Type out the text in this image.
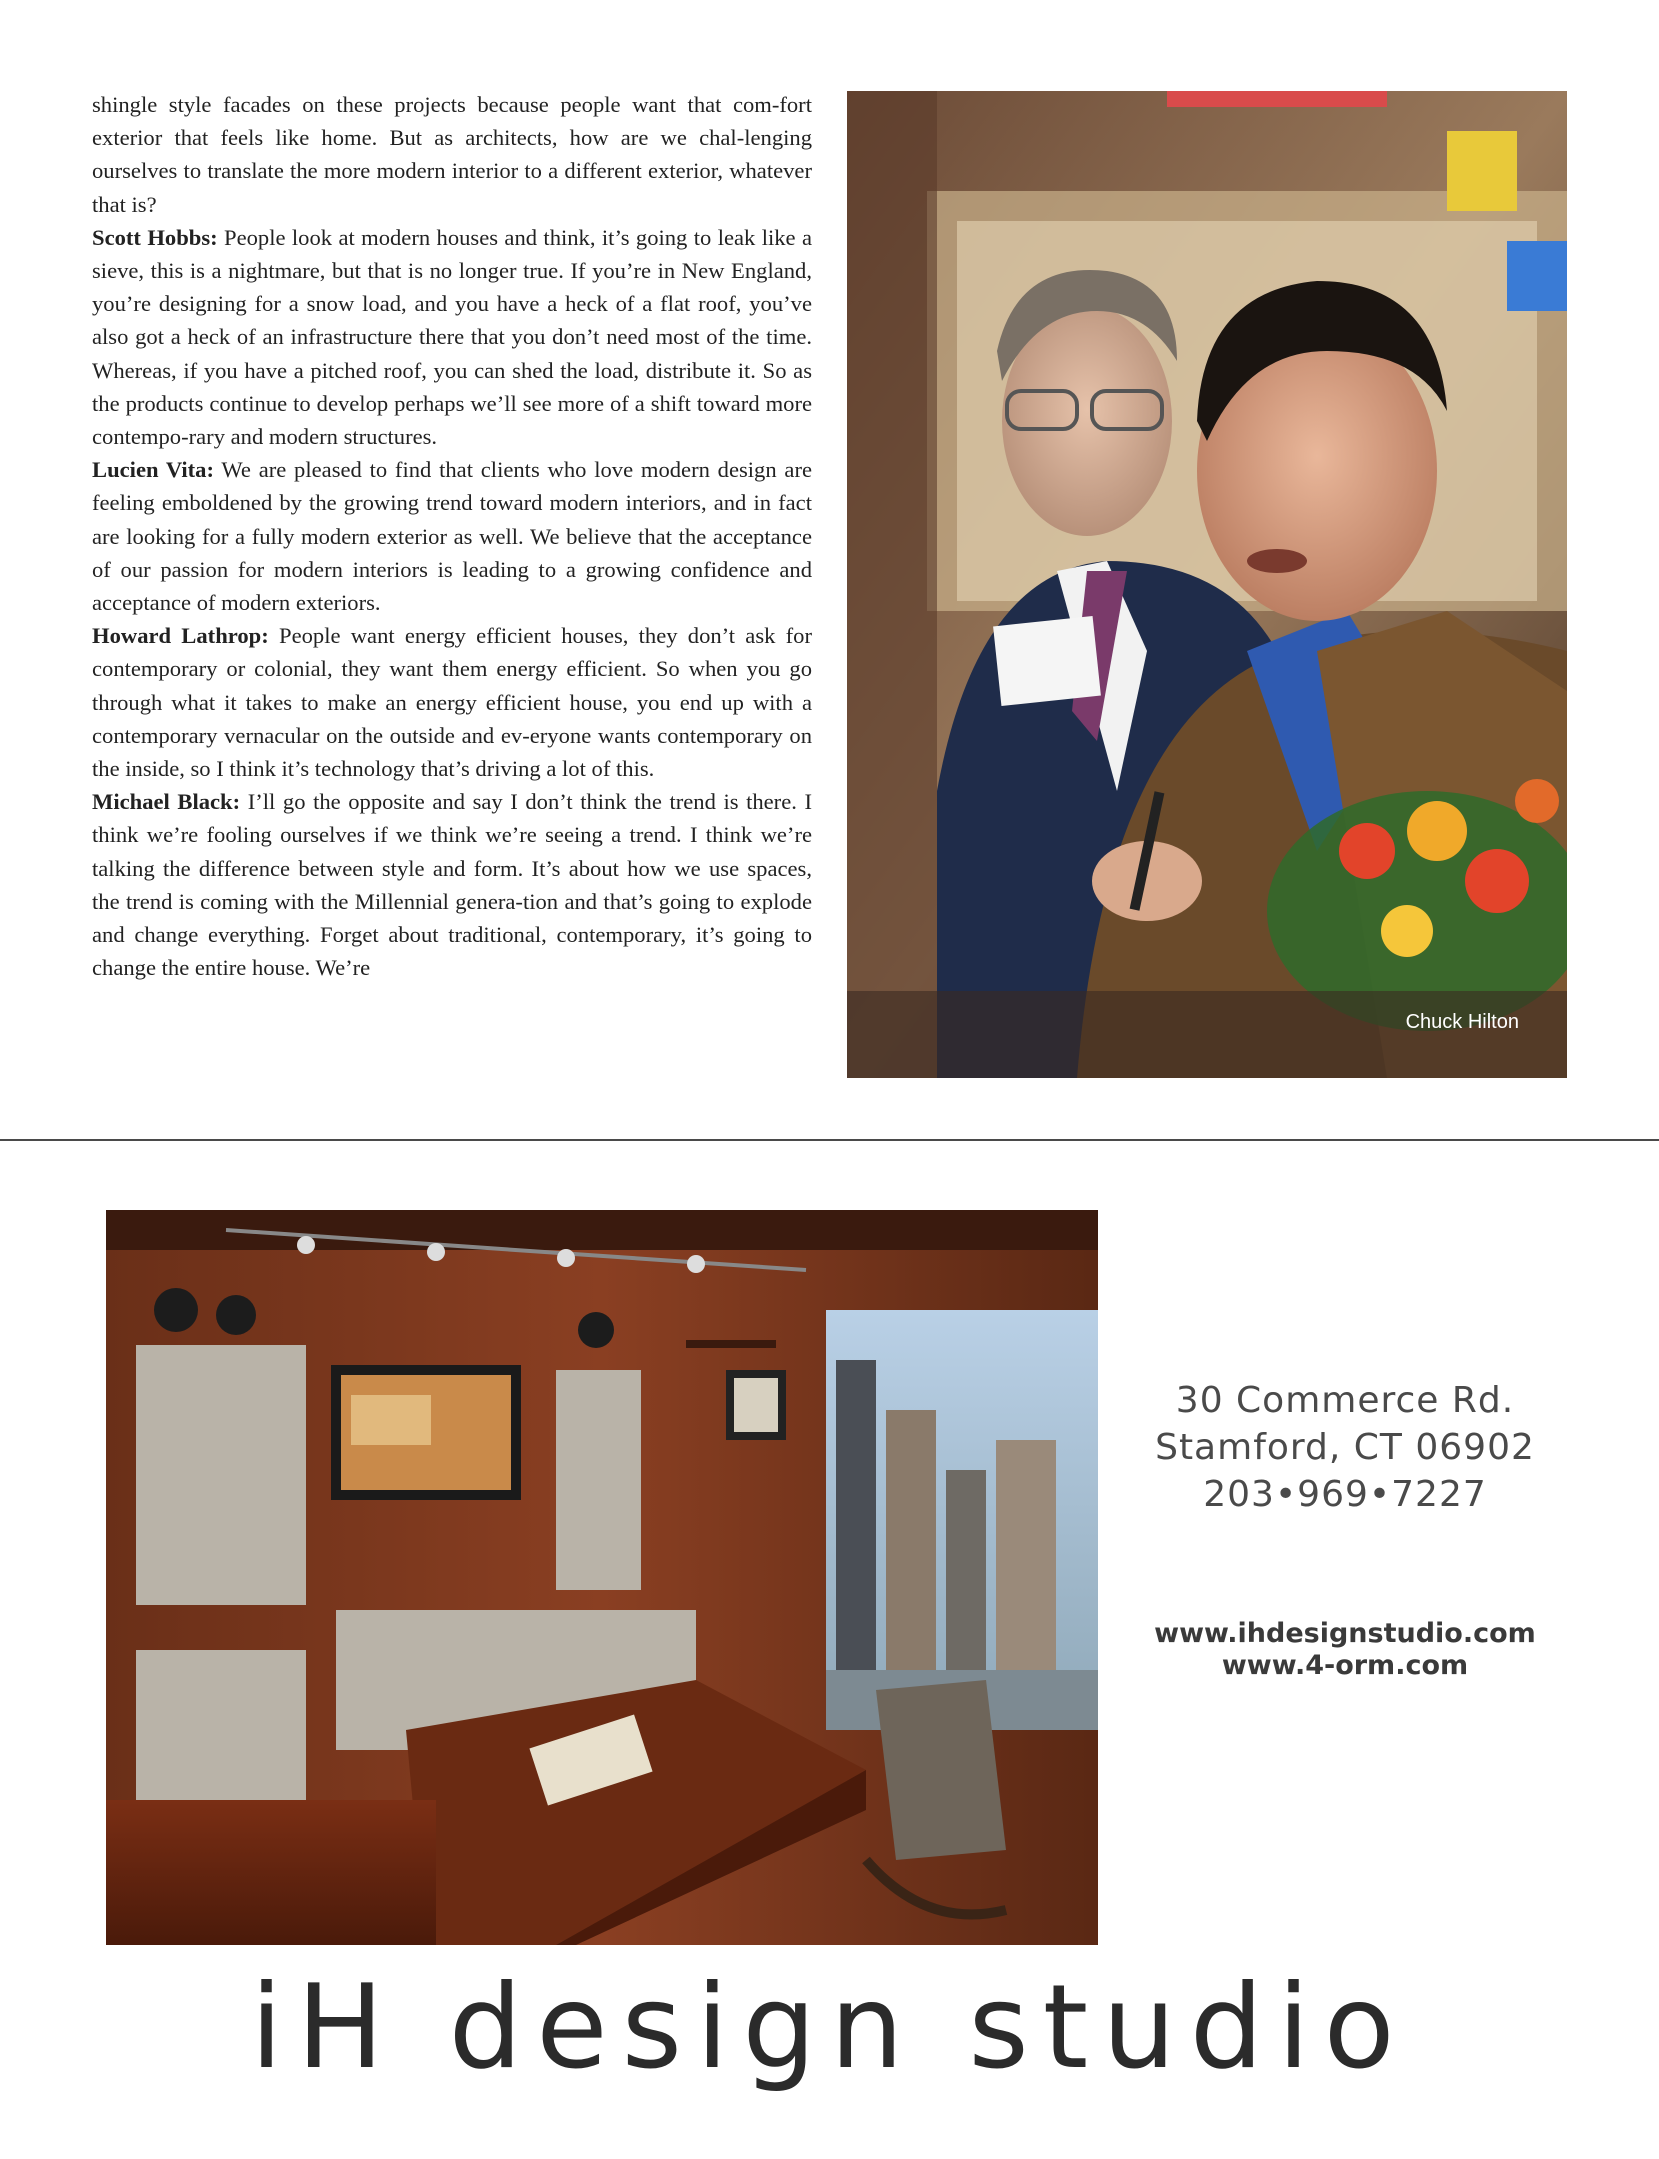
shingle style facades on these projects because people want that com-fort exterior that feels like home. But as architects, how are we chal-lenging ourselves to translate the more modern interior to a different exterior, whatever that is?

Scott Hobbs: People look at modern houses and think, it’s going to leak like a sieve, this is a nightmare, but that is no longer true. If you’re in New England, you’re designing for a snow load, and you have a heck of a flat roof, you’ve also got a heck of an infrastructure there that you don’t need most of the time. Whereas, if you have a pitched roof, you can shed the load, distribute it. So as the products continue to develop perhaps we’ll see more of a shift toward more contempo-rary and modern structures.

Lucien Vita: We are pleased to find that clients who love modern design are feeling emboldened by the growing trend toward modern interiors, and in fact are looking for a fully modern exterior as well. We believe that the acceptance of our passion for modern interiors is leading to a growing confidence and acceptance of modern exteriors.

Howard Lathrop: People want energy efficient houses, they don’t ask for contemporary or colonial, they want them energy efficient. So when you go through what it takes to make an energy efficient house, you end up with a contemporary vernacular on the outside and ev-eryone wants contemporary on the inside, so I think it’s technology that’s driving a lot of this.

Michael Black: I’ll go the opposite and say I don’t think the trend is there. I think we’re fooling ourselves if we think we’re seeing a trend. I think we’re talking the difference between style and form. It’s about how we use spaces, the trend is coming with the Millennial genera-tion and that’s going to explode and change everything. Forget about traditional, contemporary, it’s going to change the entire house. We’re

Chuck Hilton
30 Commerce Rd.
Stamford, CT 06902
203•969•7227
www.ihdesignstudio.com
www.4-orm.com
iH design studio
